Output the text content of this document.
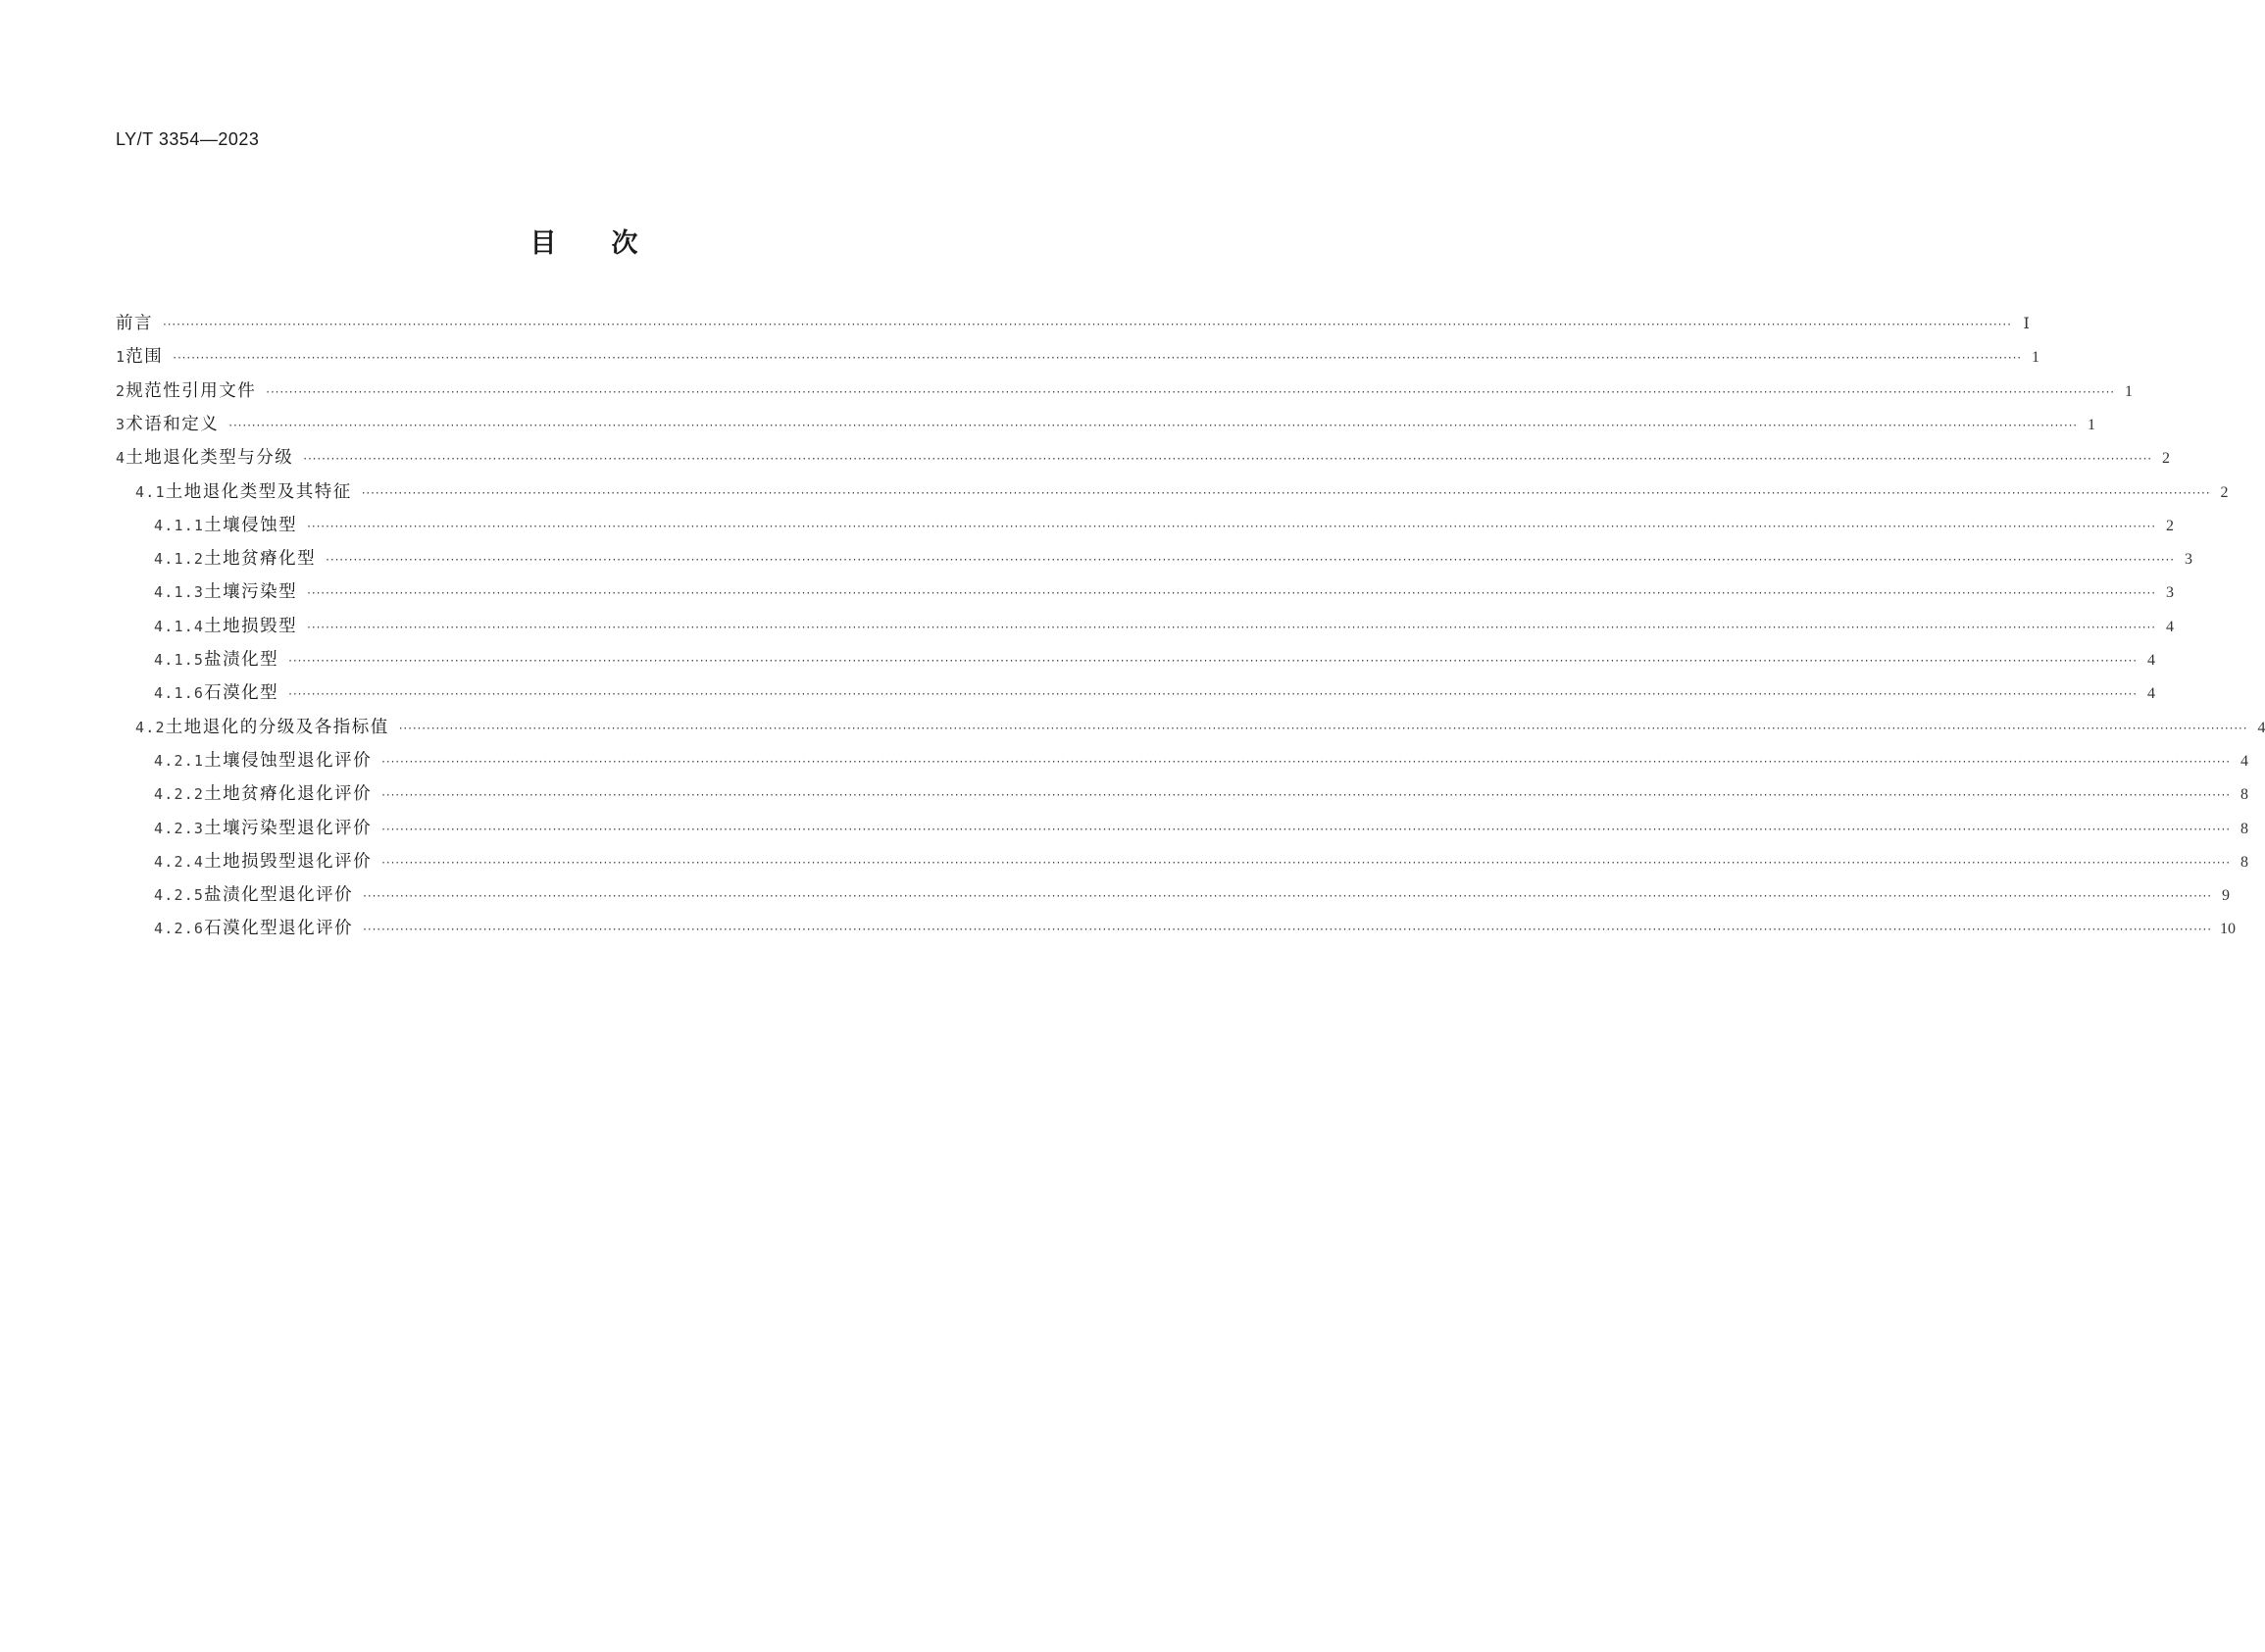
LY/T 3354—2023
目次
前言 ················································································································································································································································································································································································································ Ⅰ
1 范围 ················································································································································································································································································································································································································ 1
2 规范性引用文件 ················································································································································································································································································································································································································ 1
3 术语和定义 ················································································································································································································································································································································································································ 1
4 土地退化类型与分级 ················································································································································································································································································································································································································ 2
4.1 土地退化类型及其特征 ················································································································································································································································································································································································································ 2
4.1.1 土壤侵蚀型 ················································································································································································································································································································································································································ 2
4.1.2 土地贫瘠化型 ················································································································································································································································································································································································································ 3
4.1.3 土壤污染型 ················································································································································································································································································································································································································ 3
4.1.4 土地损毁型 ················································································································································································································································································································································································································ 4
4.1.5 盐渍化型 ················································································································································································································································································································································································································ 4
4.1.6 石漠化型 ················································································································································································································································································································································································································ 4
4.2 土地退化的分级及各指标值 ················································································································································································································································································································································································································ 4
4.2.1 土壤侵蚀型退化评价 ················································································································································································································································································································································································································ 4
4.2.2 土地贫瘠化退化评价 ················································································································································································································································································································································································································ 8
4.2.3 土壤污染型退化评价 ················································································································································································································································································································································································································ 8
4.2.4 土地损毁型退化评价 ················································································································································································································································································································································································································ 8
4.2.5 盐渍化型退化评价 ················································································································································································································································································································································································································ 9
4.2.6 石漠化型退化评价 ················································································································································································································································································································································································································ 10
